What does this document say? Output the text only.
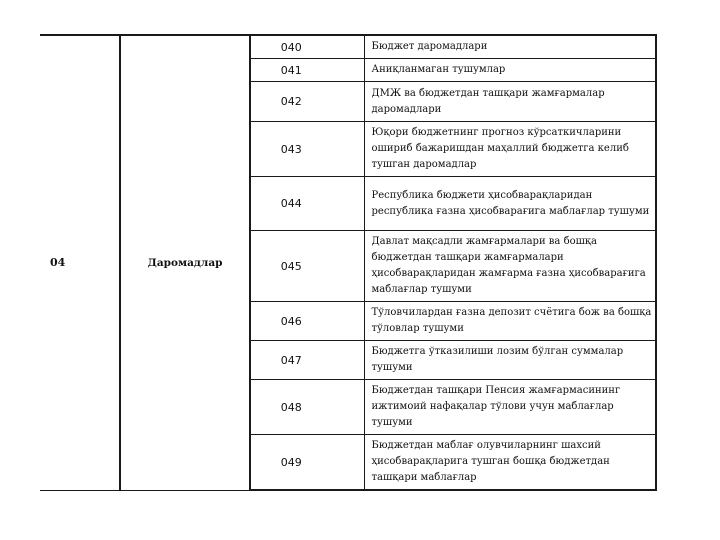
04	Даромадлар	040	Бюджет даромадлари
		041	Аниқланмаган тушумлар
		042	ДМЖ ва бюджетдан ташқари жамғармалар даромадлари
		043	Юқори бюджетнинг прогноз кўрсаткичларини ошириб бажаришдан маҳаллий бюджетга келиб тушган даромадлар
		044	Республика бюджети ҳисобварақларидан республика ғазна ҳисобварағига маблағлар тушуми
		045	Давлат мақсадли жамғармалари ва бошқа бюджетдан ташқари жамғармалари ҳисобварақларидан жамғарма ғазна ҳисобварағига маблағлар тушуми
		046	Тўловчилардан ғазна депозит счётига бож ва бошқа тўловлар тушуми
		047	Бюджетга ўтказилиши лозим бўлган суммалар тушуми
		048	Бюджетдан ташқари Пенсия жамғармасининг ижтимоий нафақалар тўлови учун маблағлар тушуми
		049	Бюджетдан маблағ олувчиларнинг шахсий ҳисобварақларига тушган бошқа бюджетдан ташқари маблағлар
